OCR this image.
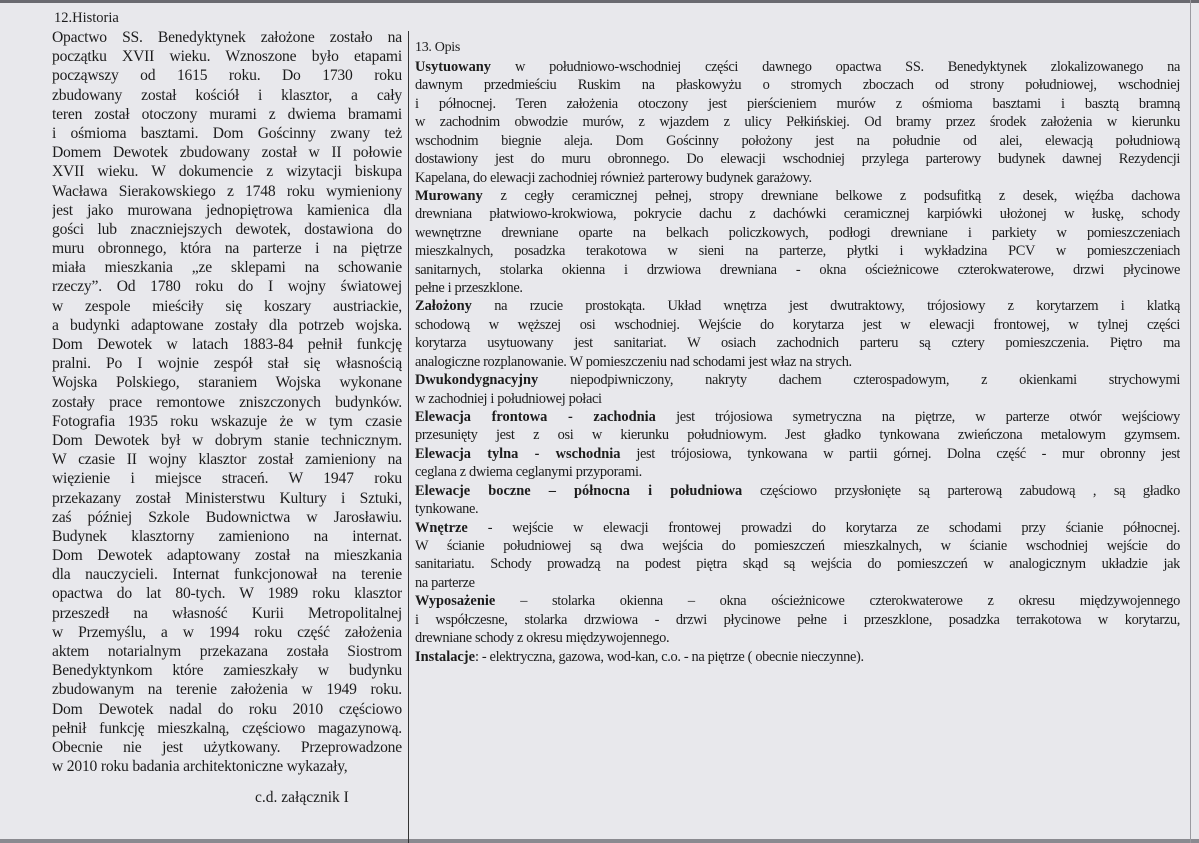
12.Historia
Opactwo SS. Benedyktynek założone zostało na
początku XVII wieku. Wznoszone było etapami
począwszy od 1615 roku. Do 1730 roku
zbudowany został kościół i klasztor, a cały
teren został otoczony murami z dwiema bramami
i ośmioma basztami. Dom Gościnny zwany też
Domem Dewotek zbudowany został w II połowie
XVII wieku. W dokumencie z wizytacji biskupa
Wacława Sierakowskiego z 1748 roku wymieniony
jest jako murowana jednopiętrowa kamienica dla
gości lub znaczniejszych dewotek, dostawiona do
muru obronnego, która na parterze i na piętrze
miała mieszkania „ze sklepami na schowanie
rzeczy”. Od 1780 roku do I wojny światowej
w zespole mieściły się koszary austriackie,
a budynki adaptowane zostały dla potrzeb wojska.
Dom Dewotek w latach 1883-84 pełnił funkcję
pralni. Po I wojnie zespół stał się własnością
Wojska Polskiego, staraniem Wojska wykonane
zostały prace remontowe zniszczonych budynków.
Fotografia 1935 roku wskazuje że w tym czasie
Dom Dewotek był w dobrym stanie technicznym.
W czasie II wojny klasztor został zamieniony na
więzienie i miejsce straceń. W 1947 roku
przekazany został Ministerstwu Kultury i Sztuki,
zaś później Szkole Budownictwa w Jarosławiu.
Budynek klasztorny zamieniono na internat.
Dom Dewotek adaptowany został na mieszkania
dla nauczycieli. Internat funkcjonował na terenie
opactwa do lat 80-tych. W 1989 roku klasztor
przeszedł na własność Kurii Metropolitalnej
w Przemyślu, a w 1994 roku część założenia
aktem notarialnym przekazana została Siostrom
Benedyktynkom które zamieszkały w budynku
zbudowanym na terenie założenia w 1949 roku.
Dom Dewotek nadal do roku 2010 częściowo
pełnił funkcję mieszkalną, częściowo magazynową.
Obecnie nie jest użytkowany. Przeprowadzone
w 2010 roku badania architektoniczne wykazały,
c.d. załącznik I
13. Opis
Usytuowany w południowo-wschodniej części dawnego opactwa SS. Benedyktynek zlokalizowanego na
dawnym przedmieściu Ruskim na płaskowyżu o stromych zboczach od strony południowej, wschodniej
i północnej. Teren założenia otoczony jest pierścieniem murów z ośmioma basztami i basztą bramną
w zachodnim obwodzie murów, z wjazdem z ulicy Pełkińskiej. Od bramy przez środek założenia w kierunku
wschodnim biegnie aleja. Dom Gościnny położony jest na południe od alei, elewacją południową
dostawiony jest do muru obronnego. Do elewacji wschodniej przylega parterowy budynek dawnej Rezydencji
Kapelana, do elewacji zachodniej również parterowy budynek garażowy.
Murowany z cegły ceramicznej pełnej, stropy drewniane belkowe z podsufitką z desek, więźba dachowa
drewniana płatwiowo-krokwiowa, pokrycie dachu z dachówki ceramicznej karpiówki ułożonej w łuskę, schody
wewnętrzne drewniane oparte na belkach policzkowych, podłogi drewniane i parkiety w pomieszczeniach
mieszkalnych, posadzka terakotowa w sieni na parterze, płytki i wykładzina PCV w pomieszczeniach
sanitarnych, stolarka okienna i drzwiowa drewniana - okna ościeżnicowe czterokwaterowe, drzwi płycinowe
pełne i przeszklone.
Założony na rzucie prostokąta. Układ wnętrza jest dwutraktowy, trójosiowy z korytarzem i klatką
schodową w węższej osi wschodniej. Wejście do korytarza jest w elewacji frontowej, w tylnej części
korytarza usytuowany jest sanitariat. W osiach zachodnich parteru są cztery pomieszczenia. Piętro ma
analogiczne rozplanowanie. W pomieszczeniu nad schodami jest właz na strych.
Dwukondygnacyjny niepodpiwniczony, nakryty dachem czterospadowym, z okienkami strychowymi
w zachodniej i południowej połaci
Elewacja frontowa - zachodnia jest trójosiowa symetryczna na piętrze, w parterze otwór wejściowy
przesunięty jest z osi w kierunku południowym. Jest gładko tynkowana zwieńczona metalowym gzymsem.
Elewacja tylna - wschodnia jest trójosiowa, tynkowana w partii górnej. Dolna część - mur obronny jest
ceglana z dwiema ceglanymi przyporami.
Elewacje boczne – północna i południowa częściowo przysłonięte są parterową zabudową , są gładko
tynkowane.
Wnętrze - wejście w elewacji frontowej prowadzi do korytarza ze schodami przy ścianie północnej.
W ścianie południowej są dwa wejścia do pomieszczeń mieszkalnych, w ścianie wschodniej wejście do
sanitariatu. Schody prowadzą na podest piętra skąd są wejścia do pomieszczeń w analogicznym układzie jak
na parterze
Wyposażenie – stolarka okienna – okna ościeżnicowe czterokwaterowe z okresu międzywojennego
i współczesne, stolarka drzwiowa - drzwi płycinowe pełne i przeszklone, posadzka terrakotowa w korytarzu,
drewniane schody z okresu międzywojennego.
Instalacje: - elektryczna, gazowa, wod-kan, c.o. - na piętrze ( obecnie nieczynne).
